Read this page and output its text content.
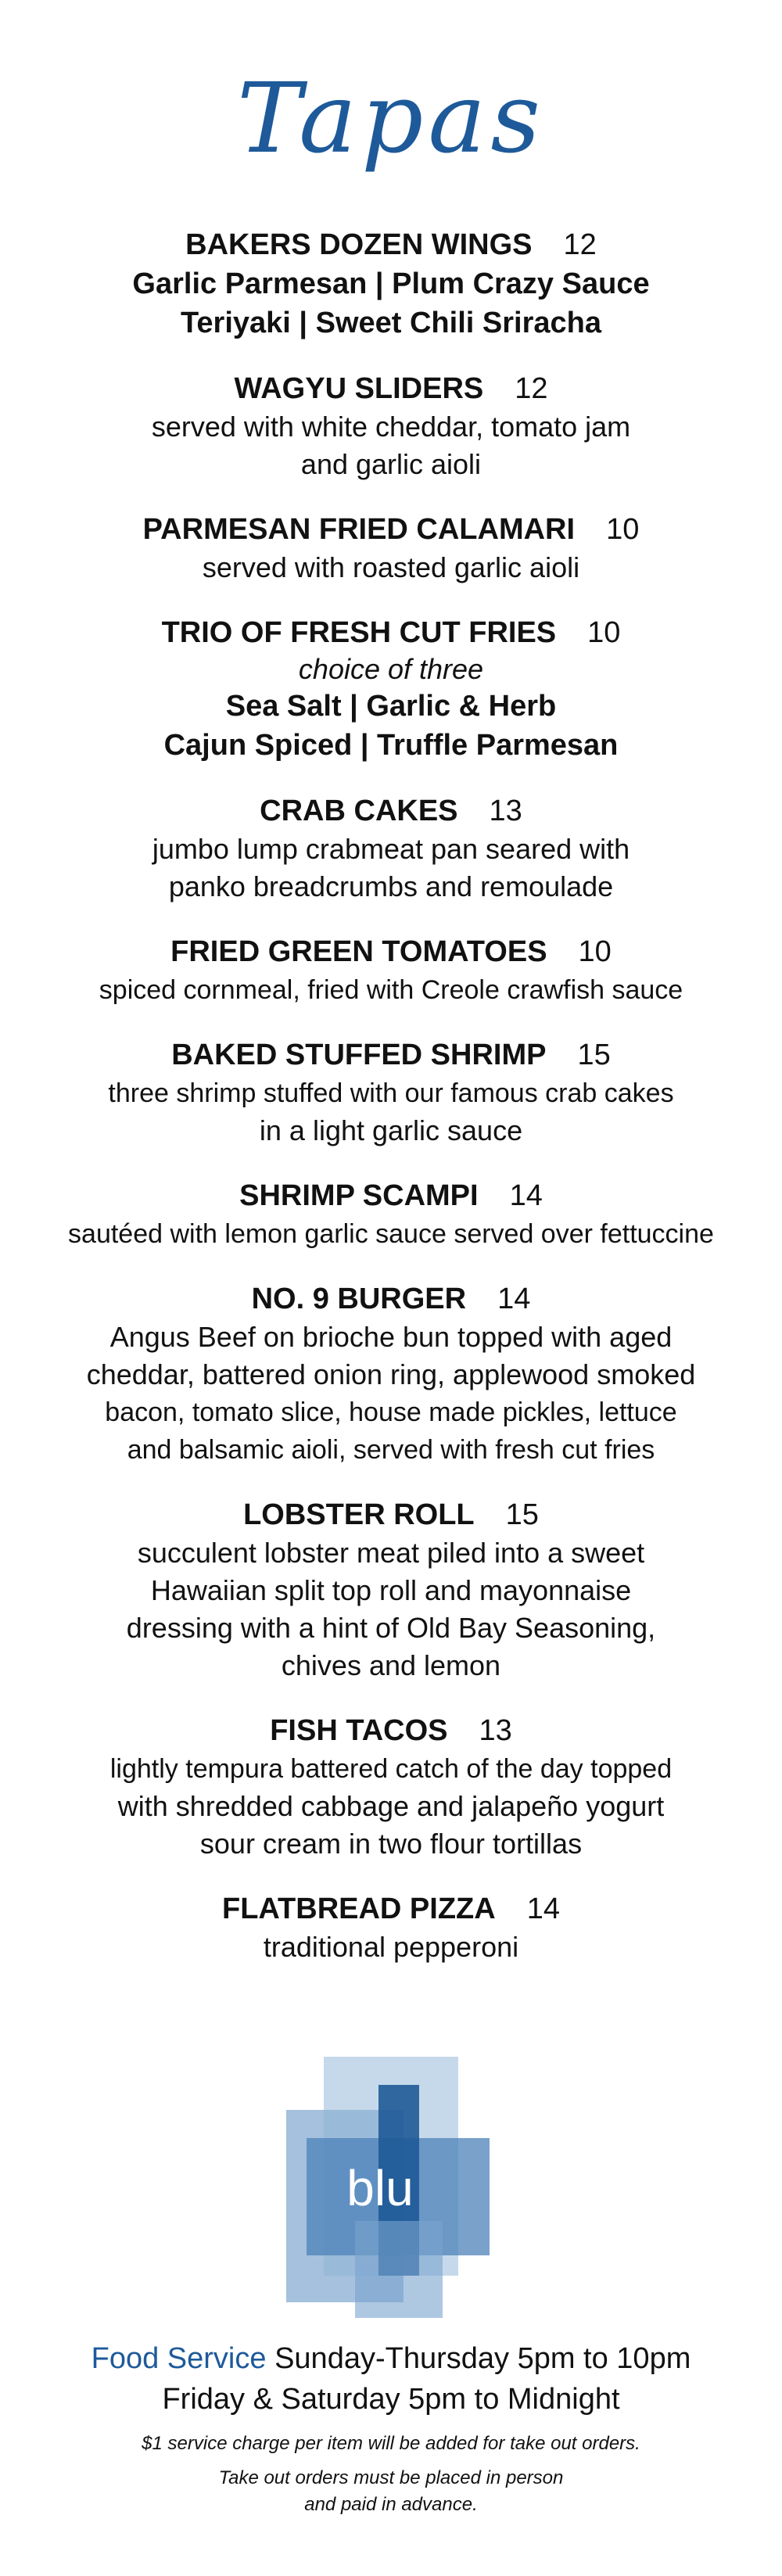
Tapas
BAKERS DOZEN WINGS 12
Garlic Parmesan | Plum Crazy Sauce
Teriyaki | Sweet Chili Sriracha
WAGYU SLIDERS 12
served with white cheddar, tomato jam
and garlic aioli
PARMESAN FRIED CALAMARI 10
served with roasted garlic aioli
TRIO OF FRESH CUT FRIES 10
choice of three
Sea Salt | Garlic & Herb
Cajun Spiced | Truffle Parmesan
CRAB CAKES 13
jumbo lump crabmeat pan seared with
panko breadcrumbs and remoulade
FRIED GREEN TOMATOES 10
spiced cornmeal, fried with Creole crawfish sauce
BAKED STUFFED SHRIMP 15
three shrimp stuffed with our famous crab cakes
in a light garlic sauce
SHRIMP SCAMPI 14
sautéed with lemon garlic sauce served over fettuccine
NO. 9 BURGER 14
Angus Beef on brioche bun topped with aged
cheddar, battered onion ring, applewood smoked
bacon, tomato slice, house made pickles, lettuce
and balsamic aioli, served with fresh cut fries
LOBSTER ROLL 15
succulent lobster meat piled into a sweet
Hawaiian split top roll and mayonnaise
dressing with a hint of Old Bay Seasoning,
chives and lemon
FISH TACOS 13
lightly tempura battered catch of the day topped
with shredded cabbage and jalapeño yogurt
sour cream in two flour tortillas
FLATBREAD PIZZA 14
traditional pepperoni
blu
Food Service Sunday-Thursday 5pm to 10pm
Friday & Saturday 5pm to Midnight
$1 service charge per item will be added for take out orders.
Take out orders must be placed in person
and paid in advance.
